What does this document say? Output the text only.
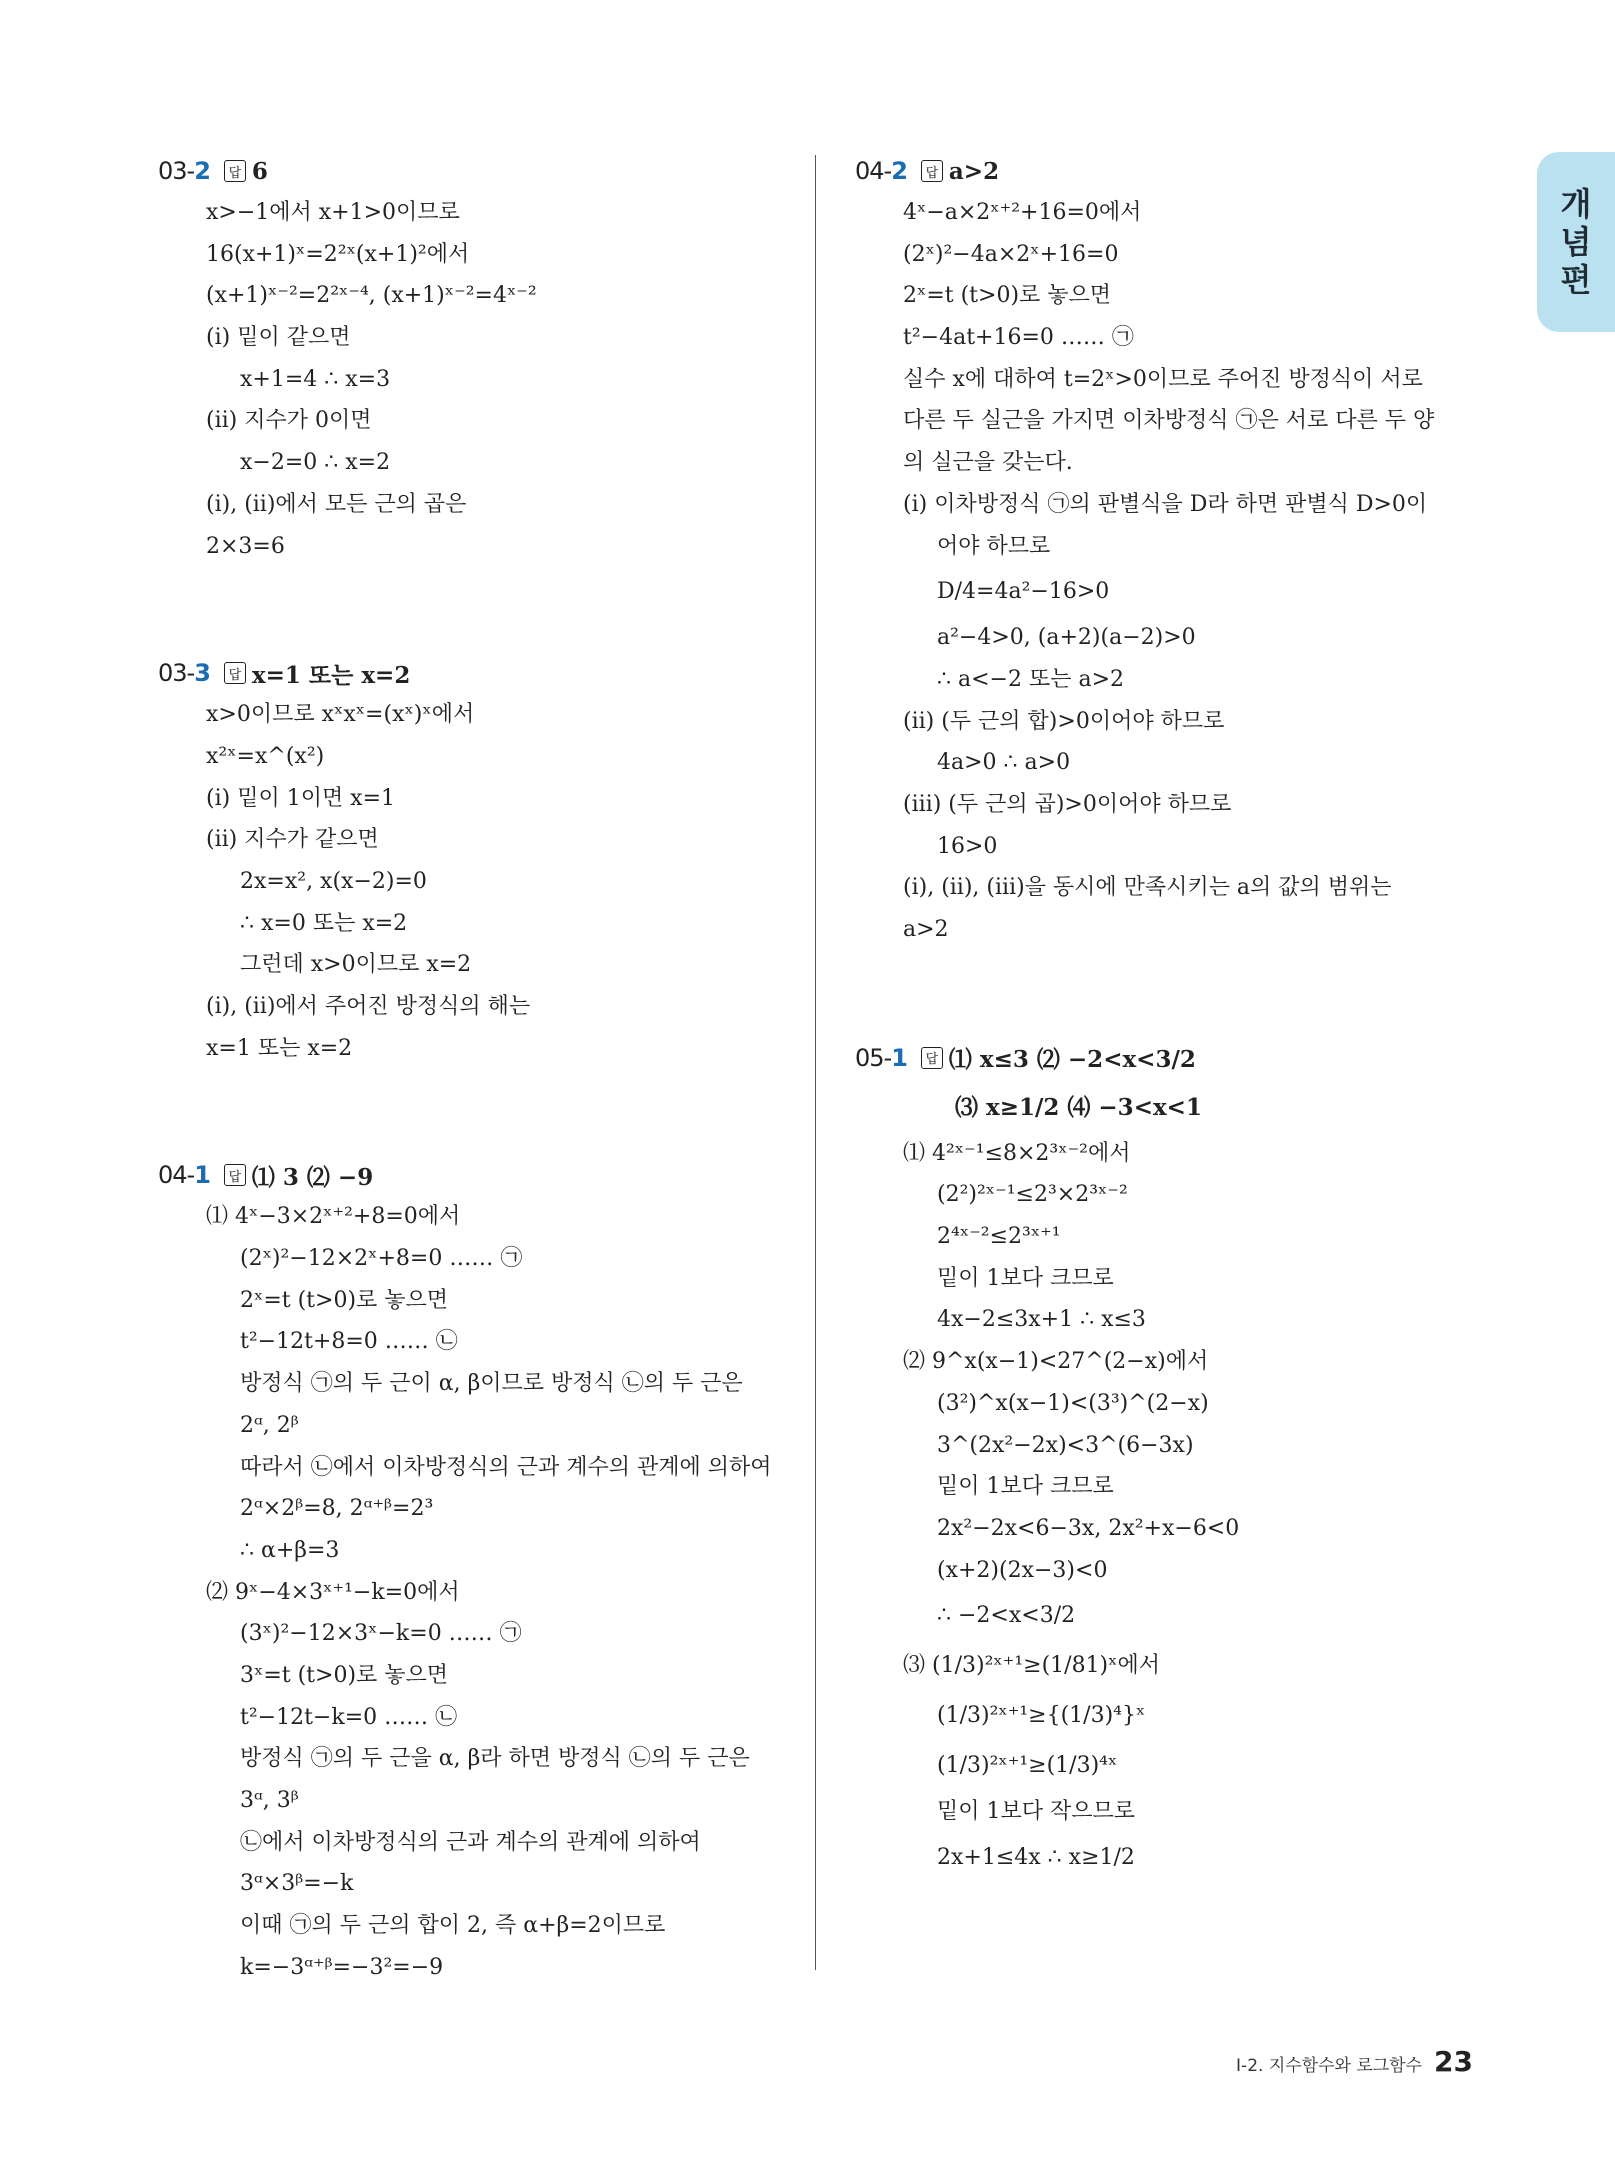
개
념
편
03-2	답 6
x>−1에서 x+1>0이므로
16(x+1)ˣ=2²ˣ(x+1)²에서
(x+1)ˣ⁻²=2²ˣ⁻⁴, (x+1)ˣ⁻²=4ˣ⁻²
(ⅰ) 밑이 같으면
x+1=4 ∴ x=3
(ⅱ) 지수가 0이면
x−2=0 ∴ x=2
(ⅰ), (ⅱ)에서 모든 근의 곱은
2×3=6
03-3	답 x=1 또는 x=2
x>0이므로 xˣxˣ=(xˣ)ˣ에서
x²ˣ=x^(x²)
(ⅰ) 밑이 1이면 x=1
(ⅱ) 지수가 같으면
2x=x², x(x−2)=0
∴ x=0 또는 x=2
그런데 x>0이므로 x=2
(ⅰ), (ⅱ)에서 주어진 방정식의 해는
x=1 또는 x=2
04-1	답 ⑴ 3 ⑵ −9
⑴ 4ˣ−3×2ˣ⁺²+8=0에서
(2ˣ)²−12×2ˣ+8=0 …… ㉠
2ˣ=t (t>0)로 놓으면
t²−12t+8=0 …… ㉡
방정식 ㉠의 두 근이 α, β이므로 방정식 ㉡의 두 근은
2ᵅ, 2ᵝ
따라서 ㉡에서 이차방정식의 근과 계수의 관계에 의하여
2ᵅ×2ᵝ=8, 2ᵅ⁺ᵝ=2³
∴ α+β=3
⑵ 9ˣ−4×3ˣ⁺¹−k=0에서
(3ˣ)²−12×3ˣ−k=0 …… ㉠
3ˣ=t (t>0)로 놓으면
t²−12t−k=0 …… ㉡
방정식 ㉠의 두 근을 α, β라 하면 방정식 ㉡의 두 근은
3ᵅ, 3ᵝ
㉡에서 이차방정식의 근과 계수의 관계에 의하여
3ᵅ×3ᵝ=−k
이때 ㉠의 두 근의 합이 2, 즉 α+β=2이므로
k=−3ᵅ⁺ᵝ=−3²=−9
04-2	답 a>2
4ˣ−a×2ˣ⁺²+16=0에서
(2ˣ)²−4a×2ˣ+16=0
2ˣ=t (t>0)로 놓으면
t²−4at+16=0 …… ㉠
실수 x에 대하여 t=2ˣ>0이므로 주어진 방정식이 서로
다른 두 실근을 가지면 이차방정식 ㉠은 서로 다른 두 양
의 실근을 갖는다.
(ⅰ) 이차방정식 ㉠의 판별식을 D라 하면 판별식 D>0이
어야 하므로
D/4=4a²−16>0
a²−4>0, (a+2)(a−2)>0
∴ a<−2 또는 a>2
(ⅱ) (두 근의 합)>0이어야 하므로
4a>0 ∴ a>0
(ⅲ) (두 근의 곱)>0이어야 하므로
16>0
(ⅰ), (ⅱ), (ⅲ)을 동시에 만족시키는 a의 값의 범위는
a>2
05-1	답 ⑴ x≤3 ⑵ −2<x<3/2
⑶ x≥1/2 ⑷ −3<x<1
⑴ 4²ˣ⁻¹≤8×2³ˣ⁻²에서
(2²)²ˣ⁻¹≤2³×2³ˣ⁻²
2⁴ˣ⁻²≤2³ˣ⁺¹
밑이 1보다 크므로
4x−2≤3x+1 ∴ x≤3
⑵ 9^x(x−1)<27^(2−x)에서
(3²)^x(x−1)<(3³)^(2−x)
3^(2x²−2x)<3^(6−3x)
밑이 1보다 크므로
2x²−2x<6−3x, 2x²+x−6<0
(x+2)(2x−3)<0
∴ −2<x<3/2
⑶ (1/3)²ˣ⁺¹≥(1/81)ˣ에서
(1/3)²ˣ⁺¹≥{(1/3)⁴}ˣ
(1/3)²ˣ⁺¹≥(1/3)⁴ˣ
밑이 1보다 작으므로
2x+1≤4x ∴ x≥1/2
Ⅰ-2. 지수함수와 로그함수 23
